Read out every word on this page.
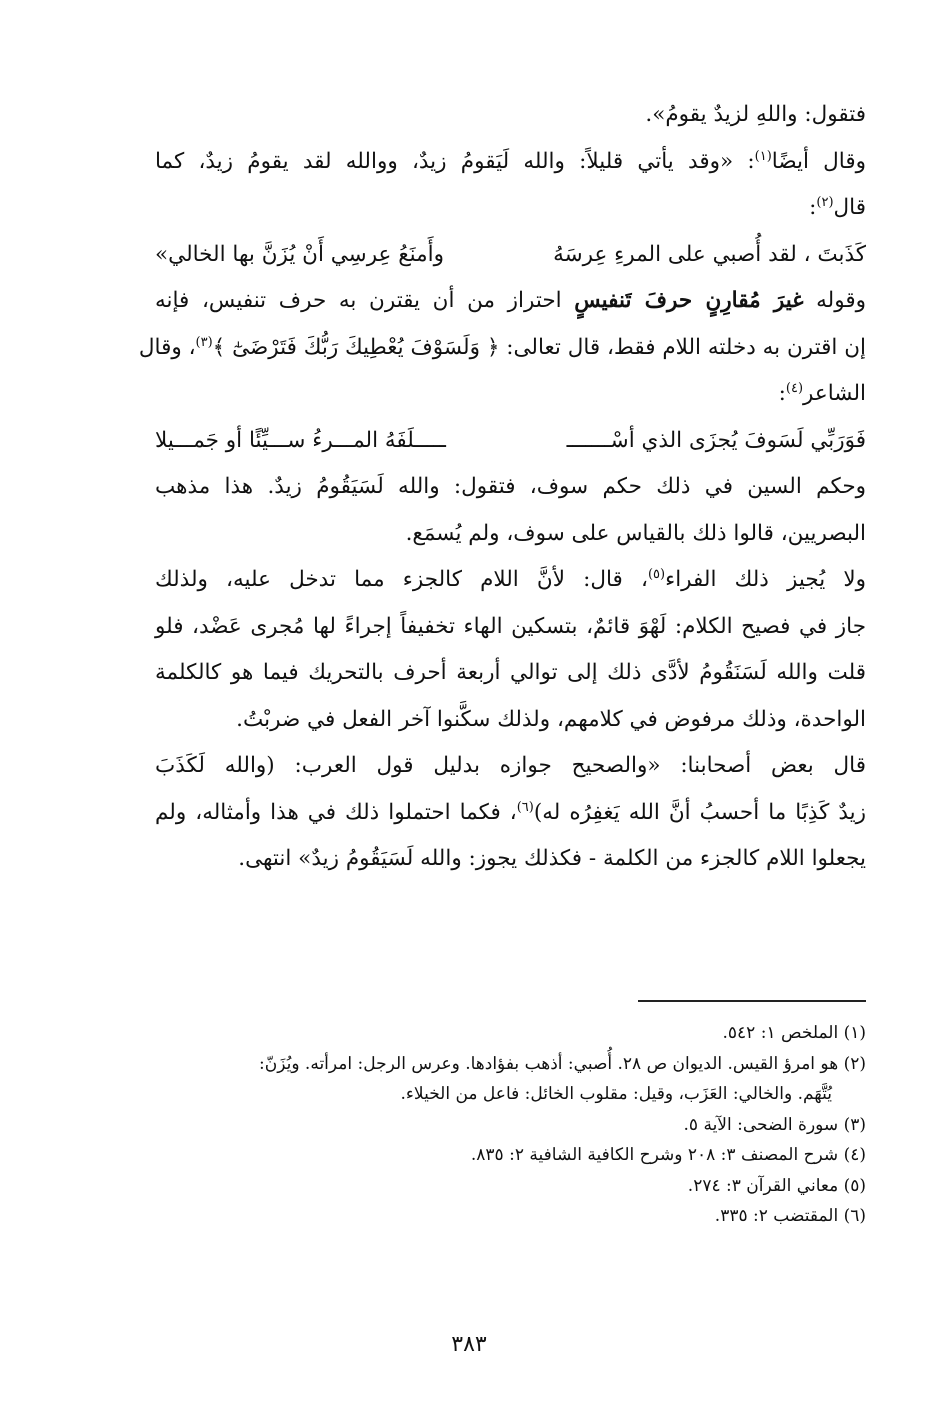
فتقول: واللهِ لزيدٌ يقومُ».
وقال أيضًا$^{(١)}$: «وقد يأتي قليلاً: والله لَيَقومُ زيدٌ، ووالله لقد يقومُ زيدٌ، كما
قال$^{(٢)}$:
كَذَبتَ ، لقد أُصبي على المرءِ عِرسَهُ
وأَمنَعُ عِرسِي أَنْ يُزَنَّ بها الخالي»
وقوله غيرَ مُقارِنٍ حرفَ تَنفيسٍ احتراز من أن يقترن به حرف تنفيس، فإنه
إن اقترن به دخلته اللام فقط، قال تعالى: ﴿ وَلَسَوْفَ يُعْطِيكَ رَبُّكَ فَتَرْضَىٰٓ ﴾$^{(٣)}$، وقال
الشاعر$^{(٤)}$:
فَوَرَبِّي لَسَوفَ يُجزَى الذي أسْـــــــ
ـــــلَفَهُ المـــرءُ ســـيِّئًا أو جَمـــيلا
وحكم السين في ذلك حكم سوف، فتقول: والله لَسَيَقُومُ زيدٌ. هذا مذهب
البصريين، قالوا ذلك بالقياس على سوف، ولم يُسمَع.
ولا يُجيز ذلك الفراء$^{(٥)}$، قال: لأنَّ اللام كالجزء مما تدخل عليه، ولذلك
جاز في فصيح الكلام: لَهْوَ قائمٌ، بتسكين الهاء تخفيفاً إجراءً لها مُجرى عَضْد، فلو
قلت والله لَسَنَقُومُ لأدَّى ذلك إلى توالي أربعة أحرف بالتحريك فيما هو كالكلمة
الواحدة، وذلك مرفوض في كلامهم، ولذلك سكَّنوا آخر الفعل في ضربْتُ.
قال بعض أصحابنا: «والصحيح جوازه بدليل قول العرب: (والله لَكَذَبَ
زيدٌ كَذِبًا ما أحسبُ أنَّ الله يَغفِرُه له)$^{(٦)}$، فكما احتملوا ذلك في هذا وأمثاله، ولم
يجعلوا اللام كالجزء من الكلمة - فكذلك يجوز: والله لَسَيَقُومُ زيدٌ» انتهى.
(١) الملخص ١: ٥٤٢.
(٢) هو امرؤ القيس. الديوان ص ٢٨. أُصبي: أذهب بفؤادها. وعرس الرجل: امرأته. ويُزَنّ:
يُتَّهَم. والخالي: العَزَب، وقيل: مقلوب الخائل: فاعل من الخيلاء.
(٣) سورة الضحى: الآية ٥.
(٤) شرح المصنف ٣: ٢٠٨ وشرح الكافية الشافية ٢: ٨٣٥.
(٥) معاني القرآن ٣: ٢٧٤.
(٦) المقتضب ٢: ٣٣٥.
٣٨٣
